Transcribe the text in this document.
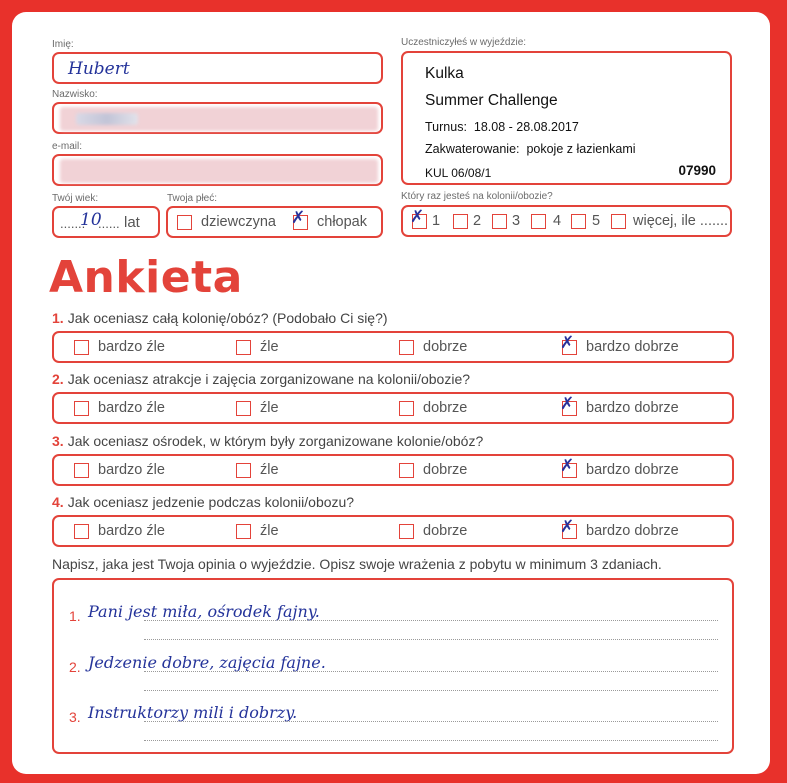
Imię:
Hubert
Nazwisko:
e-mail:
Twój wiek:
.......
10
...... lat
Twoja płeć:
dziewczyna ✗ chłopak
Uczestniczyłeś w wyjeździe:
Kulka
Summer Challenge
Turnus: 18.08 - 28.08.2017
Zakwaterowanie: pokoje z łazienkami
KUL 06/08/1	07990
Który raz jesteś na kolonii/obozie?
✗ 1 2 3 4 5 więcej, ile .......
Ankieta
1. Jak oceniasz całą kolonię/obóz? (Podobało Ci się?)
bardzo źle	źle	dobrze	✗ bardzo dobrze
2. Jak oceniasz atrakcje i zajęcia zorganizowane na kolonii/obozie?
bardzo źle	źle	dobrze	✗ bardzo dobrze
3. Jak oceniasz ośrodek, w którym były zorganizowane kolonie/obóz?
bardzo źle	źle	dobrze	✗ bardzo dobrze
4. Jak oceniasz jedzenie podczas kolonii/obozu?
bardzo źle	źle	dobrze	✗ bardzo dobrze
Napisz, jaka jest Twoja opinia o wyjeździe. Opisz swoje wrażenia z pobytu w minimum 3 zdaniach.
1. Pani jest miła, ośrodek fajny.
2. Jedzenie dobre, zajęcia fajne.
3. Instruktorzy mili i dobrzy.
